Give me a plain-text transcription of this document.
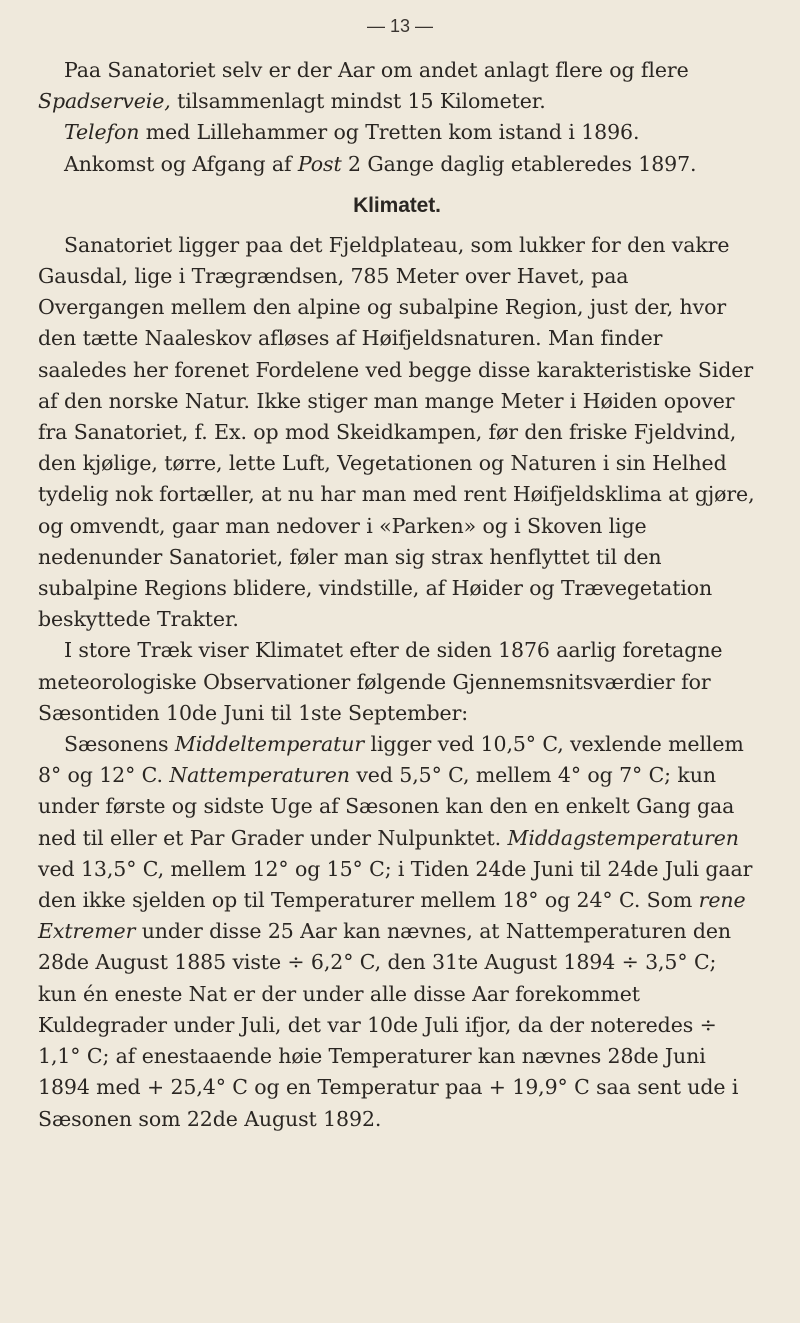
— 13 —

Paa Sanatoriet selv er der Aar om andet anlagt flere og flere Spadserveie, tilsammenlagt mindst 15 Kilometer.

Telefon med Lillehammer og Tretten kom istand i 1896.

Ankomst og Afgang af Post 2 Gange daglig etableredes 1897.

Klimatet.

Sanatoriet ligger paa det Fjeldplateau, som lukker for den vakre Gausdal, lige i Trægrændsen, 785 Meter over Havet, paa Overgangen mellem den alpine og subalpine Region, just der, hvor den tætte Naaleskov afløses af Høifjeldsnaturen. Man finder saaledes her forenet Fordelene ved begge disse karakteristiske Sider af den norske Natur. Ikke stiger man mange Meter i Høiden opover fra Sanatoriet, f. Ex. op mod Skeidkampen, før den friske Fjeldvind, den kjølige, tørre, lette Luft, Vegetationen og Naturen i sin Helhed tydelig nok fortæller, at nu har man med rent Høifjeldsklima at gjøre, og omvendt, gaar man nedover i «Parken» og i Skoven lige nedenunder Sanatoriet, føler man sig strax henflyttet til den subalpine Regions blidere, vindstille, af Høider og Trævegetation beskyttede Trakter.

I store Træk viser Klimatet efter de siden 1876 aarlig foretagne meteorologiske Observationer følgende Gjennemsnitsværdier for Sæsontiden 10de Juni til 1ste September:

Sæsonens Middeltemperatur ligger ved 10,5° C, vexlende mellem 8° og 12° C. Nattemperaturen ved 5,5° C, mellem 4° og 7° C; kun under første og sidste Uge af Sæsonen kan den en enkelt Gang gaa ned til eller et Par Grader under Nulpunktet. Middagstemperaturen ved 13,5° C, mellem 12° og 15° C; i Tiden 24de Juni til 24de Juli gaar den ikke sjelden op til Temperaturer mellem 18° og 24° C. Som rene Extremer under disse 25 Aar kan nævnes, at Nattemperaturen den 28de August 1885 viste ÷ 6,2° C, den 31te August 1894 ÷ 3,5° C; kun én eneste Nat er der under alle disse Aar forekommet Kuldegrader under Juli, det var 10de Juli ifjor, da der noteredes ÷ 1,1° C; af enestaaende høie Temperaturer kan nævnes 28de Juni 1894 med + 25,4° C og en Temperatur paa + 19,9° C saa sent ude i Sæsonen som 22de August 1892.
